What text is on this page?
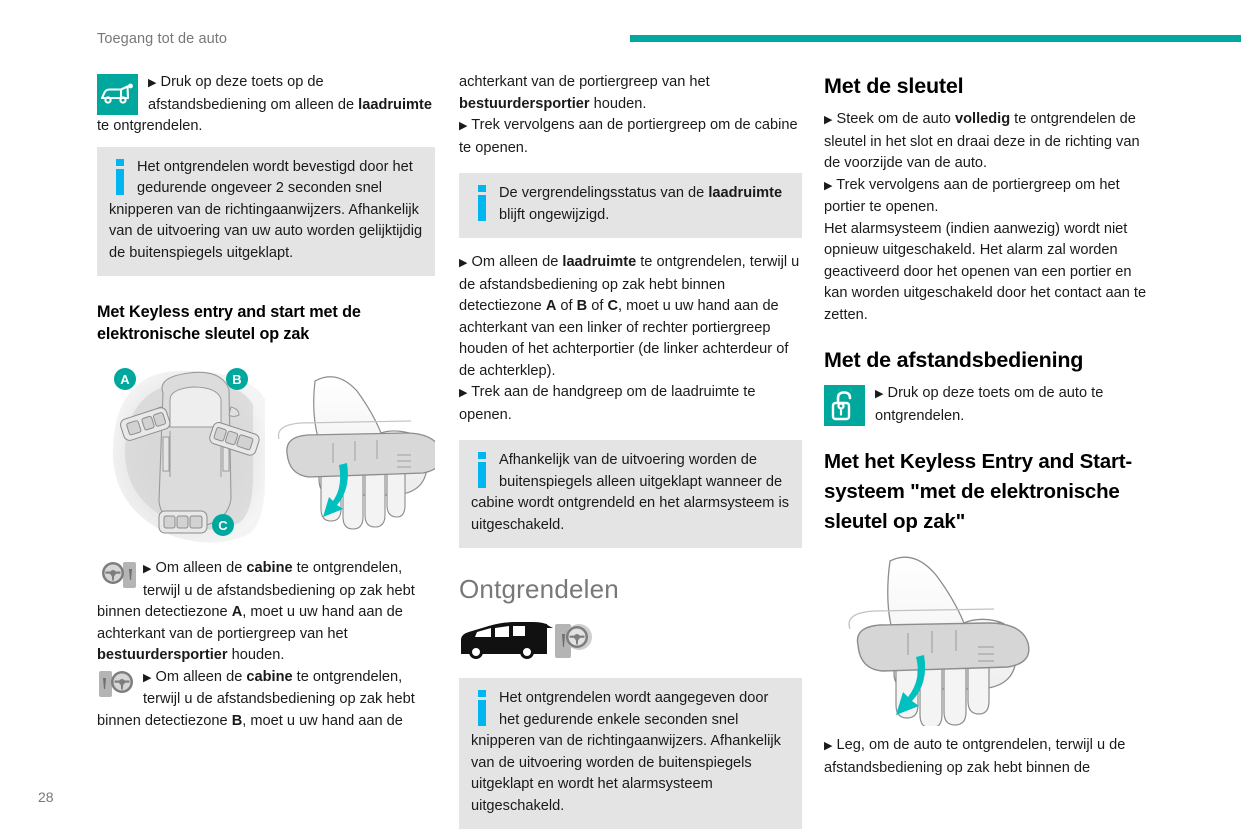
Toegang tot de auto

▶ Druk op deze toets op de afstandsbediening om alleen de laadruimte te ontgrendelen.

Het ontgrendelen wordt bevestigd door het gedurende ongeveer 2 seconden snel knipperen van de richtingaanwijzers. Afhankelijk van de uitvoering van uw auto worden gelijktijdig de buitenspiegels uitgeklapt.

Met Keyless entry and start met de elektronische sleutel op zak
A	B
C

▶ Om alleen de cabine te ontgrendelen, terwijl u de afstandsbediening op zak hebt binnen detectiezone A, moet u uw hand aan de achterkant van de portiergreep van het bestuurdersportier houden.

▶ Om alleen de cabine te ontgrendelen, terwijl u de afstandsbediening op zak hebt binnen detectiezone B, moet u uw hand aan de

achterkant van de portiergreep van het bestuurdersportier houden.

▶ Trek vervolgens aan de portiergreep om de cabine te openen.

De vergrendelingsstatus van de laadruimte blijft ongewijzigd.

▶ Om alleen de laadruimte te ontgrendelen, terwijl u de afstandsbediening op zak hebt binnen detectiezone A of B of C, moet u uw hand aan de achterkant van een linker of rechter portiergreep houden of het achterportier (de linker achterdeur of de achterklep).

▶ Trek aan de handgreep om de laadruimte te openen.

Afhankelijk van de uitvoering worden de buitenspiegels alleen uitgeklapt wanneer de cabine wordt ontgrendeld en het alarmsysteem is uitgeschakeld.

Ontgrendelen

Het ontgrendelen wordt aangegeven door het gedurende enkele seconden snel knipperen van de richtingaanwijzers. Afhankelijk van de uitvoering worden de buitenspiegels uitgeklapt en wordt het alarmsysteem uitgeschakeld.

Met de sleutel

▶ Steek om de auto volledig te ontgrendelen de sleutel in het slot en draai deze in de richting van de voorzijde van de auto.

▶ Trek vervolgens aan de portiergreep om het portier te openen.

Het alarmsysteem (indien aanwezig) wordt niet opnieuw uitgeschakeld. Het alarm zal worden geactiveerd door het openen van een portier en kan worden uitgeschakeld door het contact aan te zetten.

Met de afstandsbediening

▶ Druk op deze toets om de auto te ontgrendelen.

Met het Keyless Entry and Start-systeem "met de elektronische sleutel op zak"

▶ Leg, om de auto te ontgrendelen, terwijl u de afstandsbediening op zak hebt binnen de

28
